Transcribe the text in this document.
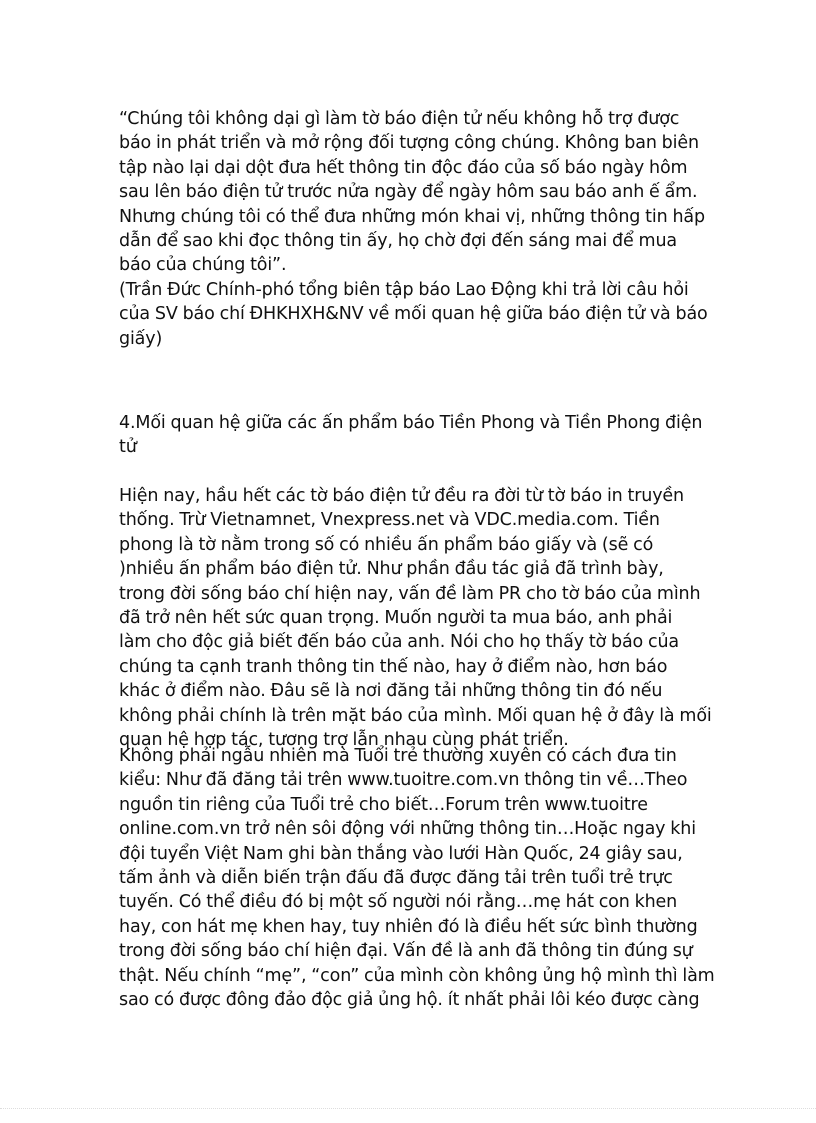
“Chúng tôi không dại gì làm tờ báo điện tử nếu không hỗ trợ được
báo in phát triển và mở rộng đối tượng công chúng. Không ban biên
tập nào lại dại dột đưa hết thông tin độc đáo của số báo ngày hôm
sau lên báo điện tử trước nửa ngày để ngày hôm sau báo anh ế ẩm.
Nhưng chúng tôi có thể đưa những món khai vị, những thông tin hấp
dẫn để sao khi đọc thông tin ấy, họ chờ đợi đến sáng mai để mua
báo của chúng tôi”.
(Trần Đức Chính-phó tổng biên tập báo Lao Động khi trả lời câu hỏi
của SV báo chí ĐHKHXH&NV về mối quan hệ giữa báo điện tử và báo
giấy)
4.Mối quan hệ giữa các ấn phẩm báo Tiền Phong và Tiền Phong điện
tử
Hiện nay, hầu hết các tờ báo điện tử đều ra đời từ tờ báo in truyền
thống. Trừ Vietnamnet, Vnexpress.net và VDC.media.com. Tiền
phong là tờ nằm trong số có nhiều ấn phẩm báo giấy và (sẽ có
)nhiều ấn phẩm báo điện tử. Như phần đầu tác giả đã trình bày,
trong đời sống báo chí hiện nay, vấn đề làm PR cho tờ báo của mình
đã trở nên hết sức quan trọng. Muốn người ta mua báo, anh phải
làm cho độc giả biết đến báo của anh. Nói cho họ thấy tờ báo của
chúng ta cạnh tranh thông tin thế nào, hay ở điểm nào, hơn báo
khác ở điểm nào. Đâu sẽ là nơi đăng tải những thông tin đó nếu
không phải chính là trên mặt báo của mình. Mối quan hệ ở đây là mối
quan hệ hợp tác, tương trợ lẫn nhau cùng phát triển.
Không phải ngẫu nhiên mà Tuổi trẻ thường xuyên có cách đưa tin
kiểu: Như đã đăng tải trên www.tuoitre.com.vn thông tin về…Theo
nguồn tin riêng của Tuổi trẻ cho biết…Forum trên www.tuoitre
online.com.vn trở nên sôi động với những thông tin…Hoặc ngay khi
đội tuyển Việt Nam ghi bàn thắng vào lưới Hàn Quốc, 24 giây sau,
tấm ảnh và diễn biến trận đấu đã được đăng tải trên tuổi trẻ trực
tuyến. Có thể điều đó bị một số người nói rằng…mẹ hát con khen
hay, con hát mẹ khen hay, tuy nhiên đó là điều hết sức bình thường
trong đời sống báo chí hiện đại. Vấn đề là anh đã thông tin đúng sự
thật. Nếu chính “mẹ”, “con” của mình còn không ủng hộ mình thì làm
sao có được đông đảo độc giả ủng hộ. ít nhất phải lôi kéo được càng
